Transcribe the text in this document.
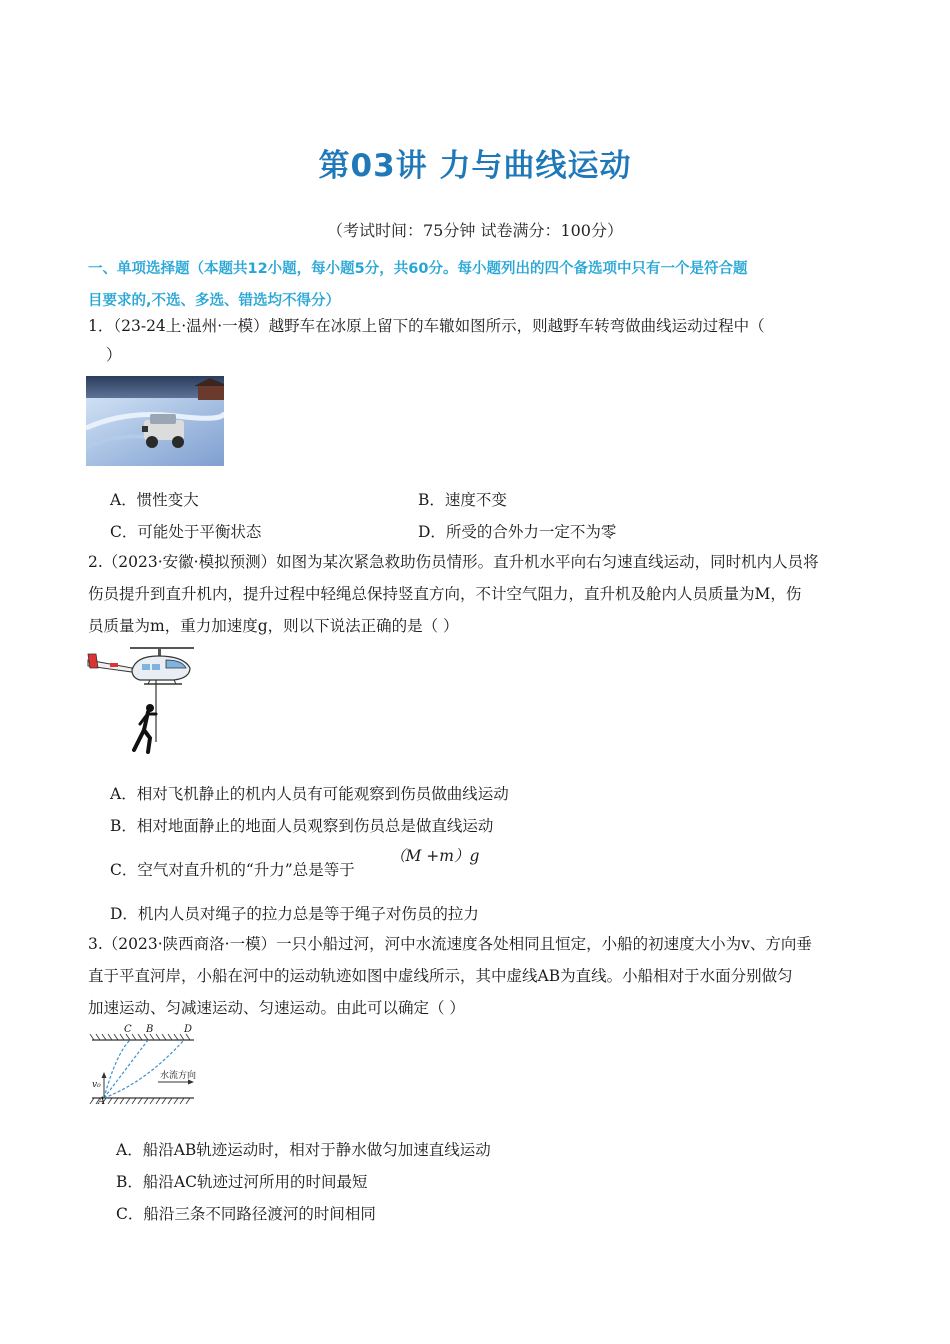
第03讲 力与曲线运动
（考试时间：75分钟 试卷满分：100分）
一、单项选择题（本题共12小题，每小题5分，共60分。每小题列出的四个备选项中只有一个是符合题
目要求的,不选、多选、错选均不得分）
1．（23-24上·温州·一模）越野车在冰原上留下的车辙如图所示，则越野车转弯做曲线运动过程中（
）
A．惯性变大	B．速度不变
C．可能处于平衡状态	D．所受的合外力一定不为零
2.（2023·安徽·模拟预测）如图为某次紧急救助伤员情形。直升机水平向右匀速直线运动，同时机内人员将
伤员提升到直升机内，提升过程中轻绳总保持竖直方向，不计空气阻力，直升机及舱内人员质量为M，伤
员质量为m，重力加速度g，则以下说法正确的是（ ）
A．相对飞机静止的机内人员有可能观察到伤员做曲线运动
B．相对地面静止的地面人员观察到伤员总是做直线运动
C．空气对直升机的“升力”总是等于
（M +m）g
D．机内人员对绳子的拉力总是等于绳子对伤员的拉力
3.（2023·陕西商洛·一模）一只小船过河，河中水流速度各处相同且恒定，小船的初速度大小为v、方向垂
直于平直河岸，小船在河中的运动轨迹如图中虚线所示，其中虚线AB为直线。小船相对于水面分别做匀
加速运动、匀减速运动、匀速运动。由此可以确定（ ）
C B	D
A
v₀
水流方向
A．船沿AB轨迹运动时，相对于静水做匀加速直线运动
B．船沿AC轨迹过河所用的时间最短
C．船沿三条不同路径渡河的时间相同
